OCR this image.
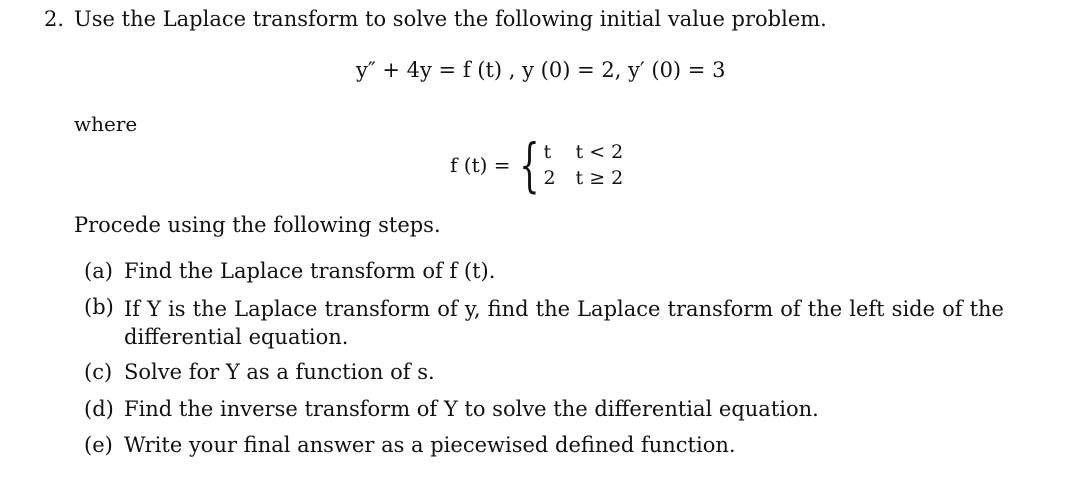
2. Use the Laplace transform to solve the following initial value problem.
y″ + 4y = f (t) , y (0) = 2, y′ (0) = 3
where
f (t) = { t t < 2
2 t ≥ 2
Procede using the following steps.
(a) Find the Laplace transform of f (t).
(b) If Y is the Laplace transform of y, find the Laplace transform of the left side of the differential equation.
(c) Solve for Y as a function of s.
(d) Find the inverse transform of Y to solve the differential equation.
(e) Write your final answer as a piecewised defined function.
